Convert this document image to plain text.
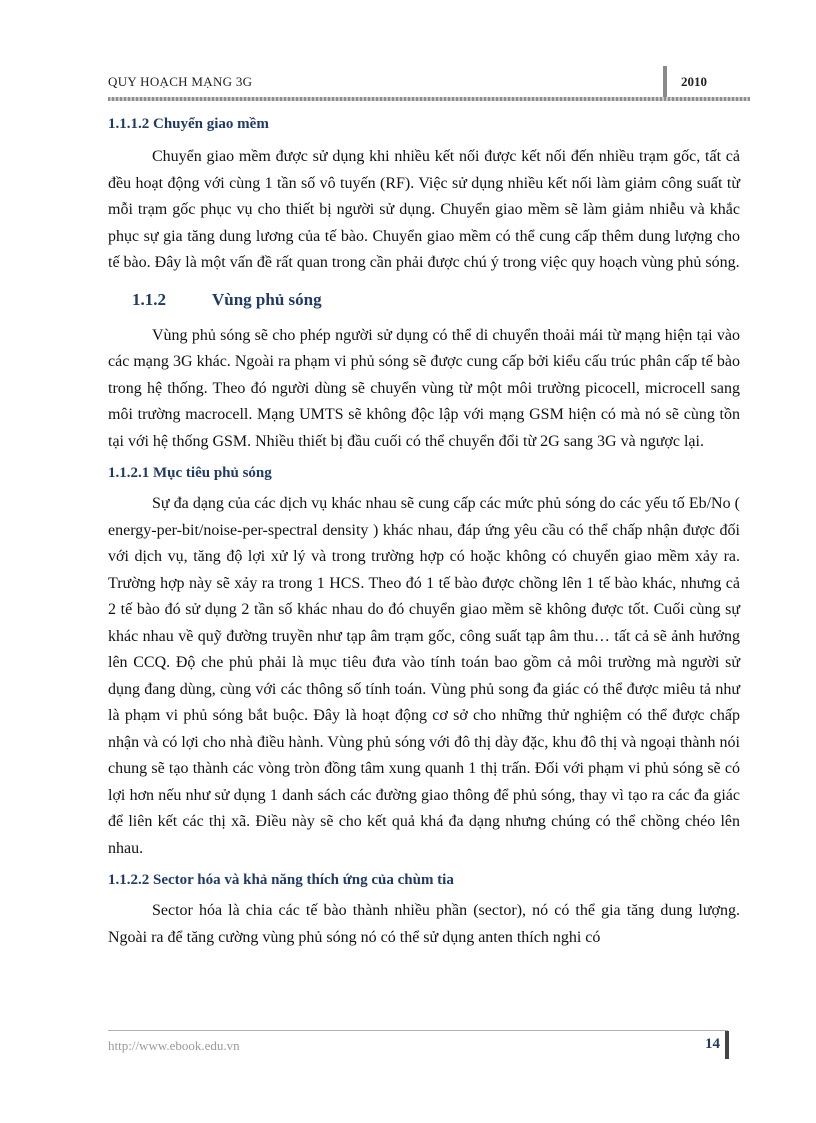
QUY HOẠCH MẠNG 3G	2010
1.1.1.2 Chuyển giao mềm

Chuyển giao mềm được sử dụng khi nhiều kết nối được kết nối đến nhiều trạm gốc, tất cả đều hoạt động với cùng 1 tần số vô tuyến (RF). Việc sử dụng nhiều kết nối làm giảm công suất từ mỗi trạm gốc phục vụ cho thiết bị người sử dụng. Chuyển giao mềm sẽ làm giảm nhiễu và khắc phục sự gia tăng dung lương của tế bào. Chuyển giao mềm có thể cung cấp thêm dung lượng cho tế bào. Đây là một vấn đề rất quan trong cần phải được chú ý trong việc quy hoạch vùng phủ sóng.

1.1.2	Vùng phủ sóng

Vùng phủ sóng sẽ cho phép người sử dụng có thể di chuyển thoải mái từ mạng hiện tại vào các mạng 3G khác. Ngoài ra phạm vi phủ sóng sẽ được cung cấp bởi kiểu cấu trúc phân cấp tế bào trong hệ thống. Theo đó người dùng sẽ chuyển vùng từ một môi trường picocell, microcell sang môi trường macrocell. Mạng UMTS sẽ không độc lập với mạng GSM hiện có mà nó sẽ cùng tồn tại với hệ thống GSM. Nhiều thiết bị đầu cuối có thể chuyển đổi từ 2G sang 3G và ngược lại.

1.1.2.1 Mục tiêu phủ sóng

Sự đa dạng của các dịch vụ khác nhau sẽ cung cấp các mức phủ sóng do các yếu tố Eb/No ( energy-per-bit/noise-per-spectral density ) khác nhau, đáp ứng yêu cầu có thể chấp nhận được đối với dịch vụ, tăng độ lợi xử lý và trong trường hợp có hoặc không có chuyển giao mềm xảy ra. Trường hợp này sẽ xảy ra trong 1 HCS. Theo đó 1 tế bào được chồng lên 1 tế bào khác, nhưng cả 2 tế bào đó sử dụng 2 tần số khác nhau do đó chuyển giao mềm sẽ không được tốt. Cuối cùng sự khác nhau về quỹ đường truyền như tạp âm trạm gốc, công suất tạp âm thu… tất cả sẽ ảnh hưởng lên CCQ. Độ che phủ phải là mục tiêu đưa vào tính toán bao gồm cả môi trường mà người sử dụng đang dùng, cùng với các thông số tính toán. Vùng phủ song đa giác có thể được miêu tả như là phạm vi phủ sóng bắt buộc. Đây là hoạt động cơ sở cho những thử nghiệm có thể được chấp nhận và có lợi cho nhà điều hành. Vùng phủ sóng với đô thị dày đặc, khu đô thị và ngoại thành nói chung sẽ tạo thành các vòng tròn đồng tâm xung quanh 1 thị trấn. Đối với phạm vi phủ sóng sẽ có lợi hơn nếu như sử dụng 1 danh sách các đường giao thông để phủ sóng, thay vì tạo ra các đa giác để liên kết các thị xã. Điều này sẽ cho kết quả khá đa dạng nhưng chúng có thể chồng chéo lên nhau.

1.1.2.2 Sector hóa và khả năng thích ứng của chùm tia

Sector hóa là chia các tế bào thành nhiều phần (sector), nó có thể gia tăng dung lượng. Ngoài ra để tăng cường vùng phủ sóng nó có thể sử dụng anten thích nghi có

http://www.ebook.edu.vn	14
